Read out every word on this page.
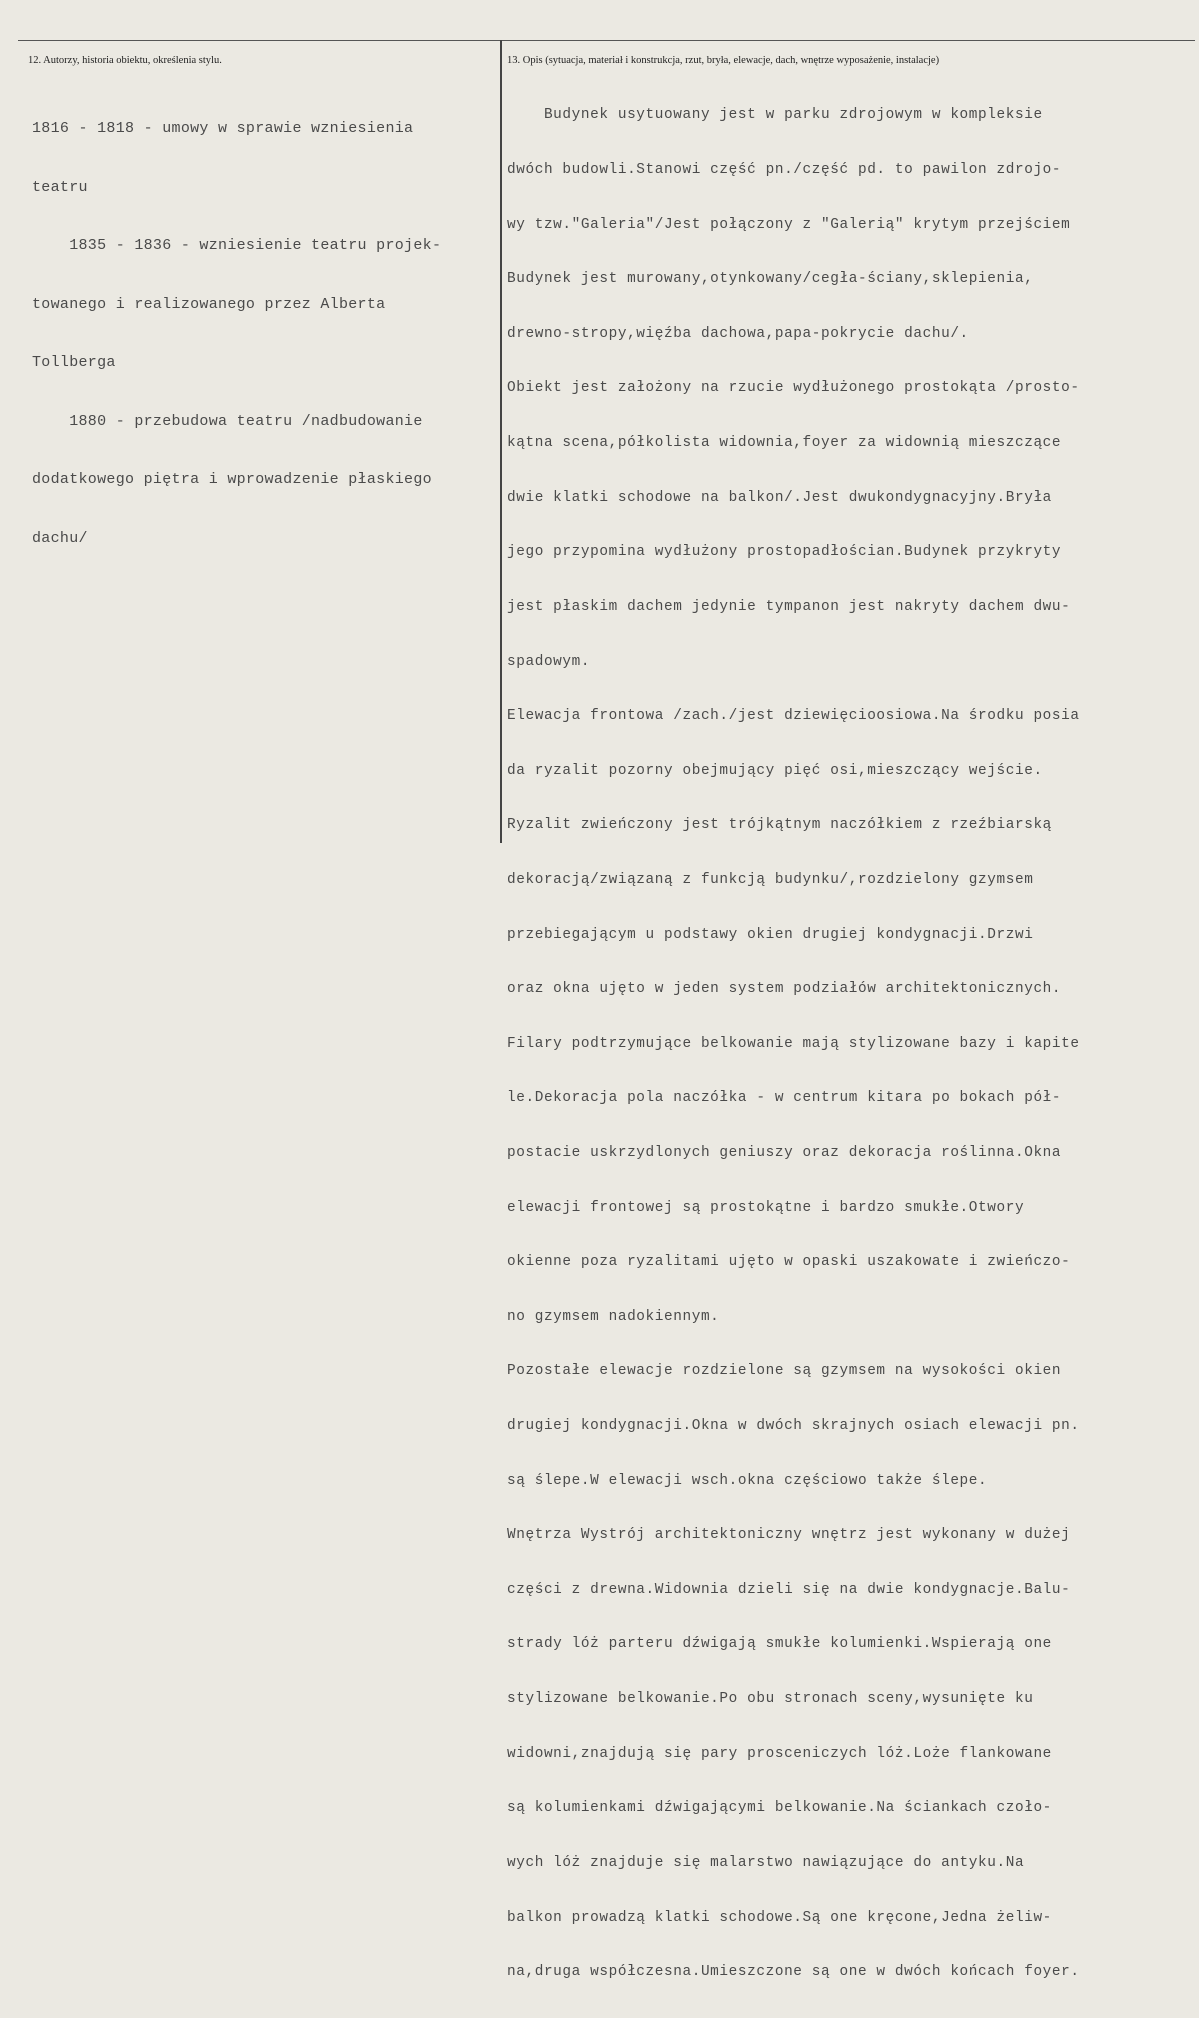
12. Autorzy, historia obiektu, określenia stylu.	13. Opis (sytuacja, materiał i konstrukcja, rzut, bryła, elewacje, dach, wnętrze wyposażenie, instalacje)

1816 - 1818 - umowy w sprawie wzniesienia

teatru

1835 - 1836 - wzniesienie teatru projek-

towanego i realizowanego przez Alberta

Tollberga

1880 - przebudowa teatru /nadbudowanie

dodatkowego piętra i wprowadzenie płaskiego

dachu/

Budynek usytuowany jest w parku zdrojowym w kompleksie

dwóch budowli.Stanowi część pn./część pd. to pawilon zdrojo-

wy tzw."Galeria"/Jest połączony z "Galerią" krytym przejściem

Budynek jest murowany,otynkowany/cegła-ściany,sklepienia,

drewno-stropy,więźba dachowa,papa-pokrycie dachu/.

Obiekt jest założony na rzucie wydłużonego prostokąta /prosto-

kątna scena,półkolista widownia,foyer za widownią mieszczące

dwie klatki schodowe na balkon/.Jest dwukondygnacyjny.Bryła

jego przypomina wydłużony prostopadłościan.Budynek przykryty

jest płaskim dachem jedynie tympanon jest nakryty dachem dwu-

spadowym.

Elewacja frontowa /zach./jest dziewięcioosiowa.Na środku posia

da ryzalit pozorny obejmujący pięć osi,mieszczący wejście.

Ryzalit zwieńczony jest trójkątnym naczółkiem z rzeźbiarską

dekoracją/związaną z funkcją budynku/,rozdzielony gzymsem

przebiegającym u podstawy okien drugiej kondygnacji.Drzwi

oraz okna ujęto w jeden system podziałów architektonicznych.

Filary podtrzymujące belkowanie mają stylizowane bazy i kapite

le.Dekoracja pola naczółka - w centrum kitara po bokach pół-

postacie uskrzydlonych geniuszy oraz dekoracja roślinna.Okna

elewacji frontowej są prostokątne i bardzo smukłe.Otwory

okienne poza ryzalitami ujęto w opaski uszakowate i zwieńczo-

no gzymsem nadokiennym.

Pozostałe elewacje rozdzielone są gzymsem na wysokości okien

drugiej kondygnacji.Okna w dwóch skrajnych osiach elewacji pn.

są ślepe.W elewacji wsch.okna częściowo także ślepe.

Wnętrza Wystrój architektoniczny wnętrz jest wykonany w dużej

części z drewna.Widownia dzieli się na dwie kondygnacje.Balu-

strady lóż parteru dźwigają smukłe kolumienki.Wspierają one

stylizowane belkowanie.Po obu stronach sceny,wysunięte ku

widowni,znajdują się pary prosceniczych lóż.Loże flankowane

są kolumienkami dźwigającymi belkowanie.Na ściankach czoło-

wych lóż znajduje się malarstwo nawiązujące do antyku.Na

balkon prowadzą klatki schodowe.Są one kręcone,Jedna żeliw-

na,druga współczesna.Umieszczone są one w dwóch końcach foyer.
